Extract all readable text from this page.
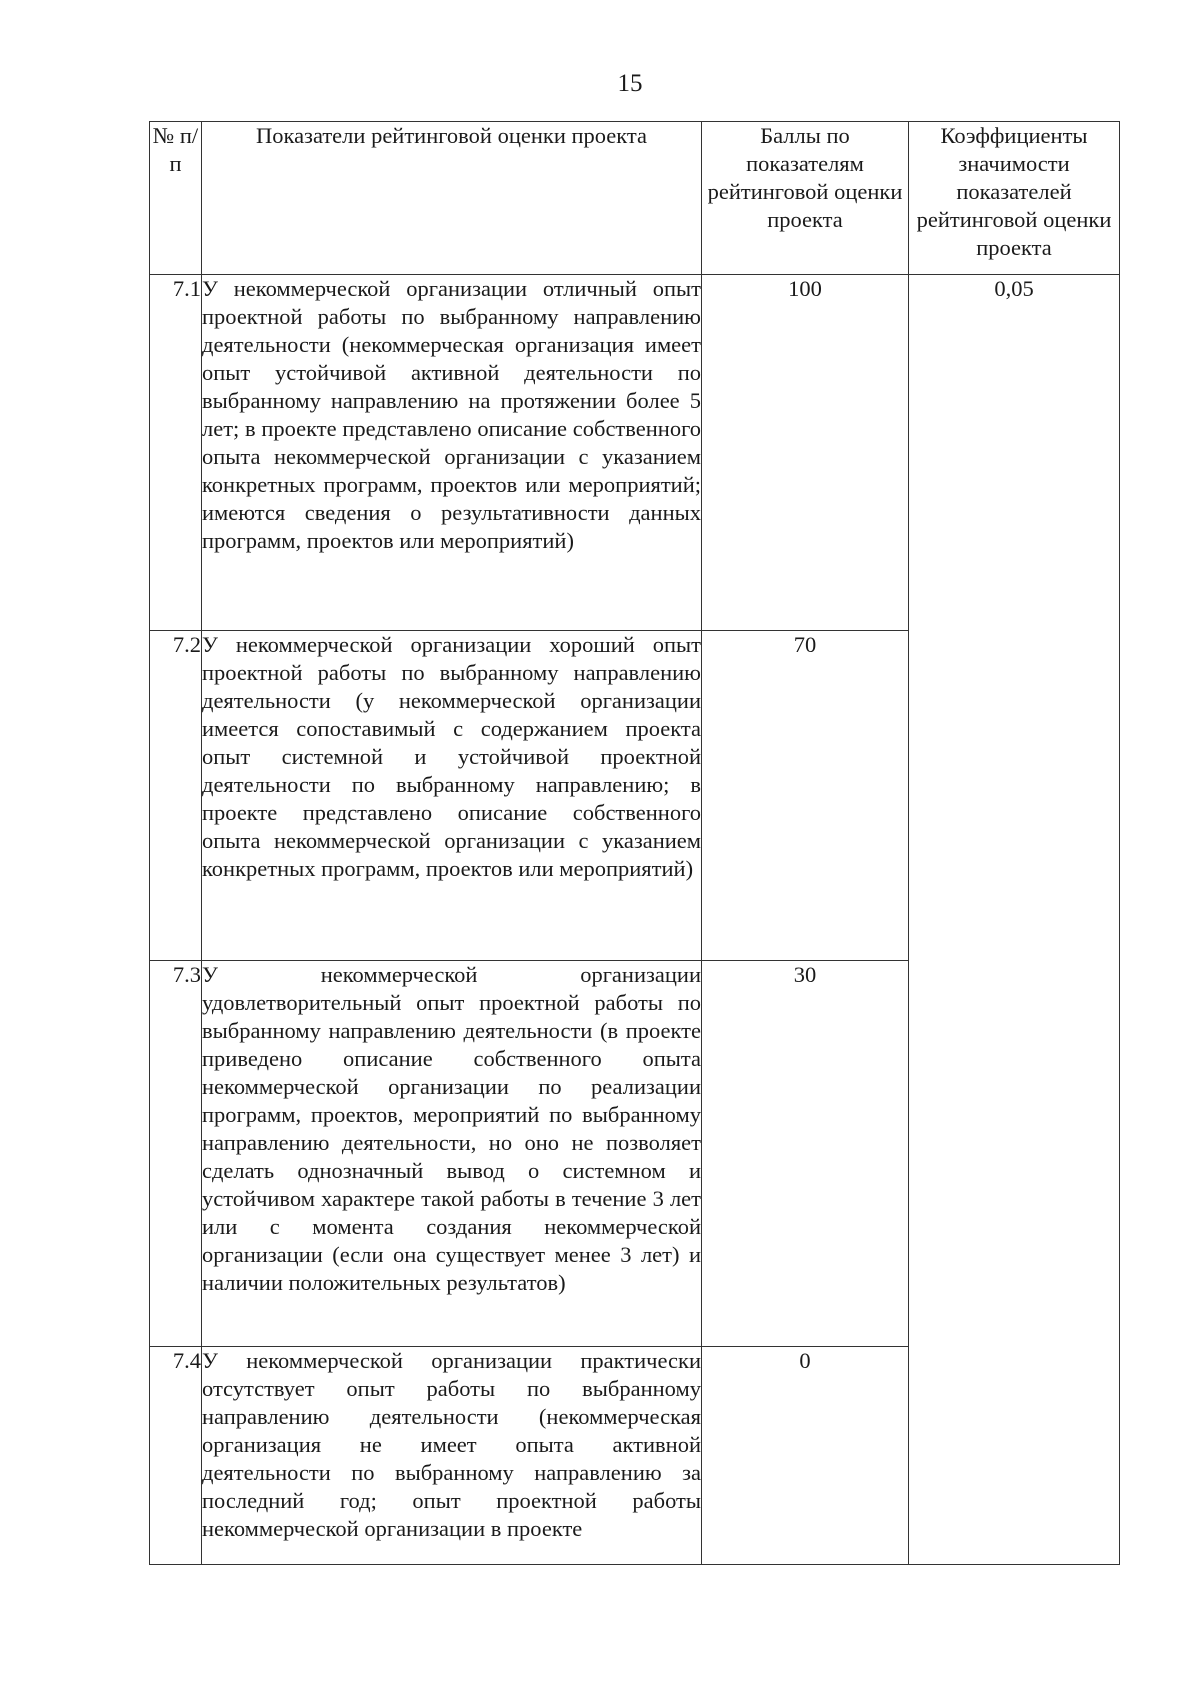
15
№ п/п	Показатели рейтинговой оценки проекта	Баллы по показателям рейтинговой оценки проекта	Коэффициенты значимости показателей рейтинговой оценки проекта
7.1	У некоммерческой организации отличный опыт проектной работы по выбранному направлению деятельности (некоммерческая организация имеет опыт устойчивой активной деятельности по выбранному направлению на протяжении более 5 лет; в проекте представлено описание собственного опыта некоммерческой организации с указанием конкретных программ, проектов или мероприятий; имеются сведения о результативности данных программ, проектов или мероприятий)	100	0,05
7.2	У некоммерческой организации хороший опыт проектной работы по выбранному направлению деятельности (у некоммерческой организации имеется сопоставимый с содержанием проекта опыт системной и устойчивой проектной деятельности по выбранному направлению; в проекте представлено описание собственного опыта некоммерческой организации с указанием конкретных программ, проектов или мероприятий)	70	
7.3	У некоммерческой организации удовлетворительный опыт проектной работы по выбранному направлению деятельности (в проекте приведено описание собственного опыта некоммерческой организации по реализации программ, проектов, мероприятий по выбранному направлению деятельности, но оно не позволяет сделать однозначный вывод о системном и устойчивом характере такой работы в течение 3 лет или с момента создания некоммерческой организации (если она существует менее 3 лет) и наличии положительных результатов)	30	
7.4	У некоммерческой организации практически отсутствует опыт работы по выбранному направлению деятельности (некоммерческая организация не имеет опыта активной деятельности по выбранному направлению за последний год; опыт проектной работы некоммерческой организации в проекте	0	
